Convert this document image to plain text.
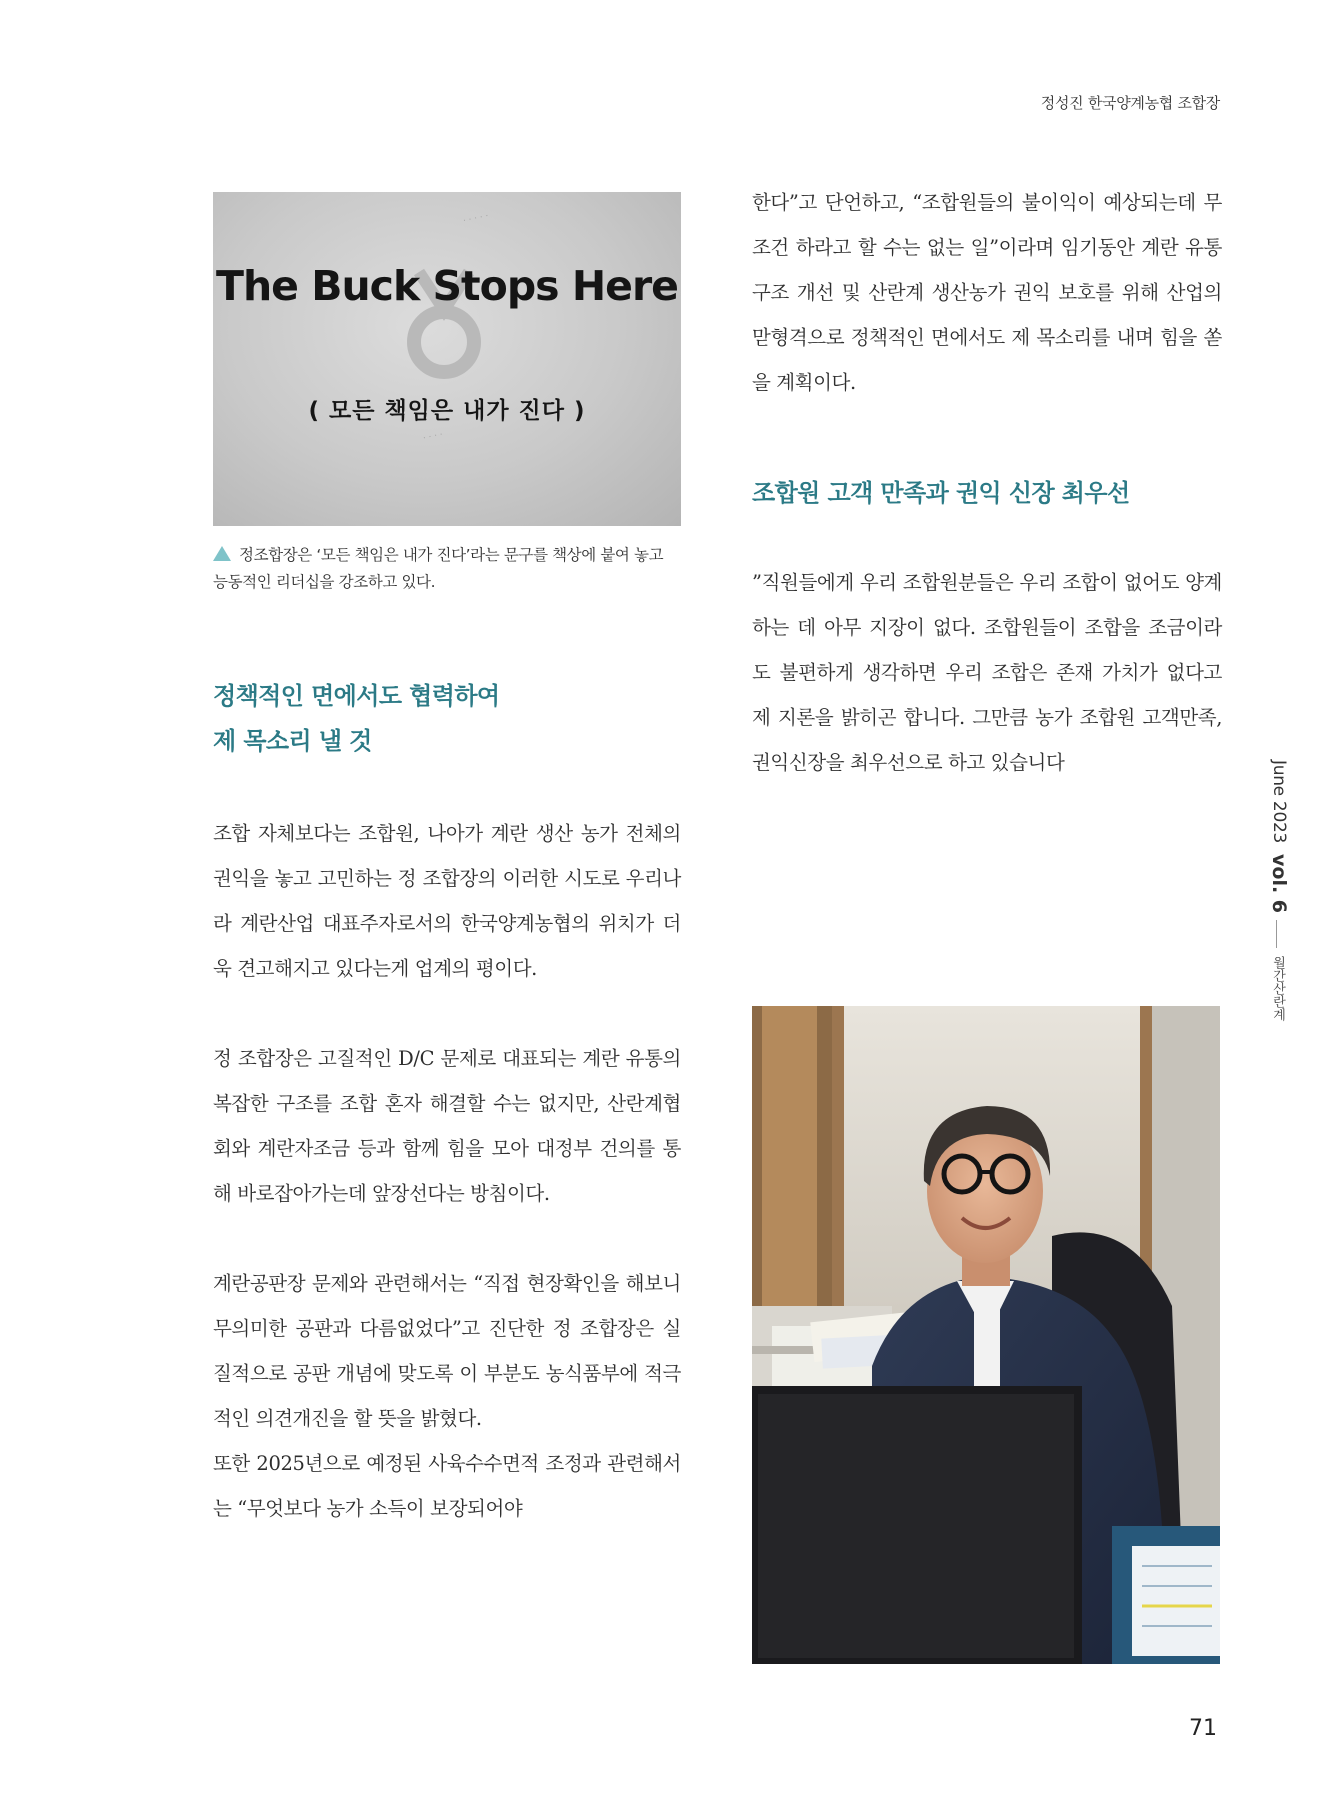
정성진 한국양계농협 조합장
· · · · ·
· · · ·
The Buck Stops Here
( 모든 책임은 내가 진다 )
정조합장은 ‘모든 책임은 내가 진다’라는 문구를 책상에 붙여 놓고 능동적인 리더십을 강조하고 있다.
정책적인 면에서도 협력하여
제 목소리 낼 것

조합 자체보다는 조합원, 나아가 계란 생산 농가 전체의 권익을 놓고 고민하는 정 조합장의 이러한 시도로 우리나라 계란산업 대표주자로서의 한국양계농협의 위치가 더욱 견고해지고 있다는게 업계의 평이다.

정 조합장은 고질적인 D/C 문제로 대표되는 계란 유통의 복잡한 구조를 조합 혼자 해결할 수는 없지만, 산란계협회와 계란자조금 등과 함께 힘을 모아 대정부 건의를 통해 바로잡아가는데 앞장선다는 방침이다.

계란공판장 문제와 관련해서는 “직접 현장확인을 해보니 무의미한 공판과 다름없었다”고 진단한 정 조합장은 실질적으로 공판 개념에 맞도록 이 부분도 농식품부에 적극적인 의견개진을 할 뜻을 밝혔다.

또한 2025년으로 예정된 사육수수면적 조정과 관련해서는 “무엇보다 농가 소득이 보장되어야

한다”고 단언하고, “조합원들의 불이익이 예상되는데 무조건 하라고 할 수는 없는 일”이라며 임기동안 계란 유통구조 개선 및 산란계 생산농가 권익 보호를 위해 산업의 맏형격으로 정책적인 면에서도 제 목소리를 내며 힘을 쏟을 계획이다.

조합원 고객 만족과 권익 신장 최우선

”직원들에게 우리 조합원분들은 우리 조합이 없어도 양계하는 데 아무 지장이 없다. 조합원들이 조합을 조금이라도 불편하게 생각하면 우리 조합은 존재 가치가 없다고 제 지론을 밝히곤 합니다. 그만큼 농가 조합원 고객만족, 권익신장을 최우선으로 하고 있습니다	June 2023 vol. 6
월간산란계
71
